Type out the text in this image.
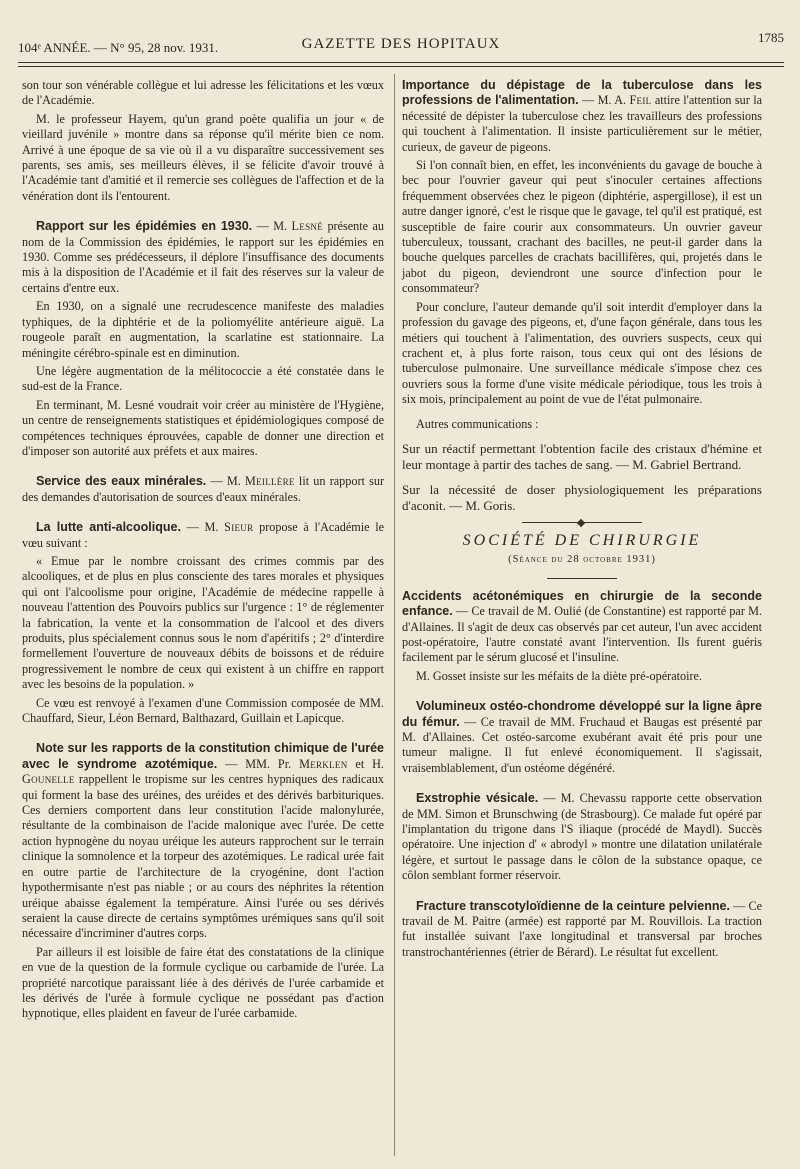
104ᵉ ANNÉE. — N° 95, 28 nov. 1931.	GAZETTE DES HOPITAUX	1785

son tour son vénérable collègue et lui adresse les félicitations et les vœux de l'Académie.

M. le professeur Hayem, qu'un grand poète qualifia un jour « de vieillard juvénile » montre dans sa réponse qu'il mérite bien ce nom. Arrivé à une époque de sa vie où il a vu disparaître successivement ses parents, ses amis, ses meilleurs élèves, il se félicite d'avoir trouvé à l'Académie tant d'amitié et il remercie ses collègues de l'affection et de la vénération dont ils l'entourent.

Rapport sur les épidémies en 1930. — M. Lesné présente au nom de la Commission des épidémies, le rapport sur les épidémies en 1930. Comme ses prédécesseurs, il déplore l'insuffisance des documents mis à la disposition de l'Académie et il fait des réserves sur la valeur de certains d'entre eux.

En 1930, on a signalé une recrudescence manifeste des maladies typhiques, de la diphtérie et de la poliomyélite antérieure aiguë. La rougeole paraît en augmentation, la scarlatine est stationnaire. La méningite cérébro-spinale est en diminution.

Une légère augmentation de la mélitococcie a été constatée dans le sud-est de la France.

En terminant, M. Lesné voudrait voir créer au ministère de l'Hygiène, un centre de renseignements statistiques et épidémiologiques composé de compétences techniques éprouvées, capable de donner une direction et d'imposer son autorité aux préfets et aux maires.

Service des eaux minérales. — M. Meillère lit un rapport sur des demandes d'autorisation de sources d'eaux minérales.

La lutte anti-alcoolique. — M. Sieur propose à l'Académie le vœu suivant :

« Emue par le nombre croissant des crimes commis par des alcooliques, et de plus en plus consciente des tares morales et physiques qui ont l'alcoolisme pour origine, l'Académie de médecine rappelle à nouveau l'attention des Pouvoirs publics sur l'urgence : 1° de réglementer la fabrication, la vente et la consommation de l'alcool et des divers produits, plus spécialement connus sous le nom d'apéritifs ; 2° d'interdire formellement l'ouverture de nouveaux débits de boissons et de réduire progressivement le nombre de ceux qui existent à un chiffre en rapport avec les besoins de la population. »

Ce vœu est renvoyé à l'examen d'une Commission composée de MM. Chauffard, Sieur, Léon Bernard, Balthazard, Guillain et Lapicque.

Note sur les rapports de la constitution chimique de l'urée avec le syndrome azotémique. — MM. Pr. Merklen et H. Gounelle rappellent le tropisme sur les centres hypniques des radicaux qui forment la base des uréines, des uréides et des dérivés barbituriques. Ces derniers comportent dans leur constitution l'acide malonylurée, résultante de la combinaison de l'acide malonique avec l'urée. De cette action hypnogène du noyau uréique les auteurs rapprochent sur le terrain clinique la somnolence et la torpeur des azotémiques. Le radical urée fait en outre partie de l'architecture de la cryogénine, dont l'action hypothermisante n'est pas niable ; or au cours des néphrites la rétention uréique abaisse également la température. Ainsi l'urée ou ses dérivés seraient la cause directe de certains symptômes urémiques sans qu'il soit nécessaire d'incriminer d'autres corps.

Par ailleurs il est loisible de faire état des constatations de la clinique en vue de la question de la formule cyclique ou carbamide de l'urée. La propriété narcotique paraissant liée à des dérivés de l'urée carbamide et les dérivés de l'urée à formule cyclique ne possédant pas d'action hypnotique, elles plaident en faveur de l'urée carbamide.

Importance du dépistage de la tuberculose dans les professions de l'alimentation. — M. A. Feil attire l'attention sur la nécessité de dépister la tuberculose chez les travailleurs des professions qui touchent à l'alimentation. Il insiste particulièrement sur le métier, curieux, de gaveur de pigeons.

Si l'on connaît bien, en effet, les inconvénients du gavage de bouche à bec pour l'ouvrier gaveur qui peut s'inoculer certaines affections fréquemment observées chez le pigeon (diphtérie, aspergillose), il est un autre danger ignoré, c'est le risque que le gavage, tel qu'il est pratiqué, est susceptible de faire courir aux consommateurs. Un ouvrier gaveur tuberculeux, toussant, crachant des bacilles, ne peut-il garder dans la bouche quelques parcelles de crachats bacillifères, qui, projetés dans le jabot du pigeon, deviendront une source d'infection pour le consommateur?

Pour conclure, l'auteur demande qu'il soit interdit d'employer dans la profession du gavage des pigeons, et, d'une façon générale, dans tous les métiers qui touchent à l'alimentation, des ouvriers suspects, ceux qui crachent et, à plus forte raison, tous ceux qui ont des lésions de tuberculose pulmonaire. Une surveillance médicale s'impose chez ces ouvriers sous la forme d'une visite médicale périodique, tous les trois à six mois, principalement au point de vue de l'état pulmonaire.

Autres communications :

Sur un réactif permettant l'obtention facile des cristaux d'hémine et leur montage à partir des taches de sang. — M. Gabriel Bertrand.

Sur la nécessité de doser physiologiquement les préparations d'aconit. — M. Goris.

SOCIÉTÉ DE CHIRURGIE
(Séance du 28 octobre 1931)

Accidents acétonémiques en chirurgie de la seconde enfance. — Ce travail de M. Oulié (de Constantine) est rapporté par M. d'Allaines. Il s'agit de deux cas observés par cet auteur, l'un avec accident post-opératoire, l'autre constaté avant l'intervention. Ils furent guéris facilement par le sérum glucosé et l'insuline.

M. Gosset insiste sur les méfaits de la diète pré-opératoire.

Volumineux ostéo-chondrome développé sur la ligne âpre du fémur. — Ce travail de MM. Fruchaud et Baugas est présenté par M. d'Allaines. Cet ostéo-sarcome exubérant avait été pris pour une tumeur maligne. Il fut enlevé économiquement. Il s'agissait, vraisemblablement, d'un ostéome dégénéré.

Exstrophie vésicale. — M. Chevassu rapporte cette observation de MM. Simon et Brunschwing (de Strasbourg). Ce malade fut opéré par l'implantation du trigone dans l'S iliaque (procédé de Maydl). Succès opératoire. Une injection d' « abrodyl » montre une dilatation unilatérale légère, et surtout le passage dans le côlon de la substance opaque, ce côlon semblant former réservoir.

Fracture transcotyloïdienne de la ceinture pelvienne. — Ce travail de M. Paitre (armée) est rapporté par M. Rouvillois. La traction fut installée suivant l'axe longitudinal et transversal par broches transtrochantériennes (étrier de Bérard). Le résultat fut excellent.
